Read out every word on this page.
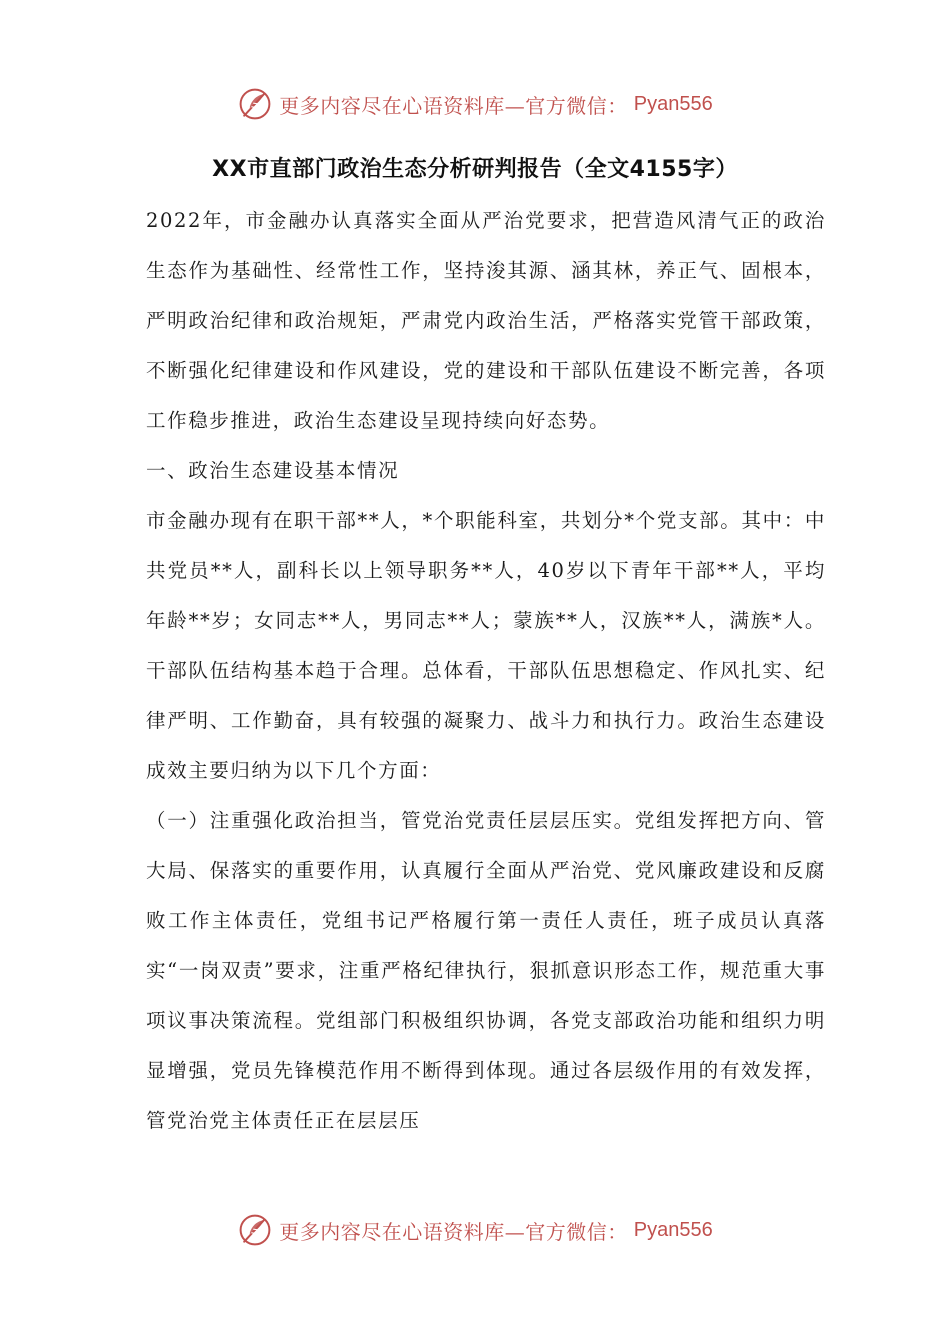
更多内容尽在心语资料库—官方微信： Pyan556
XX市直部门政治生态分析研判报告（全文4155字）

2022年，市金融办认真落实全面从严治党要求，把营造风清气正的政治生态作为基础性、经常性工作，坚持浚其源、涵其林，养正气、固根本，严明政治纪律和政治规矩，严肃党内政治生活，严格落实党管干部政策，不断强化纪律建设和作风建设，党的建设和干部队伍建设不断完善，各项工作稳步推进，政治生态建设呈现持续向好态势。

一、政治生态建设基本情况

市金融办现有在职干部**人，*个职能科室，共划分*个党支部。其中：中共党员**人，副科长以上领导职务**人，40岁以下青年干部**人，平均年龄**岁；女同志**人，男同志**人；蒙族**人，汉族**人，满族*人。干部队伍结构基本趋于合理。总体看，干部队伍思想稳定、作风扎实、纪律严明、工作勤奋，具有较强的凝聚力、战斗力和执行力。政治生态建设成效主要归纳为以下几个方面：

（一）注重强化政治担当，管党治党责任层层压实。党组发挥把方向、管大局、保落实的重要作用，认真履行全面从严治党、党风廉政建设和反腐败工作主体责任，党组书记严格履行第一责任人责任，班子成员认真落实“一岗双责”要求，注重严格纪律执行，狠抓意识形态工作，规范重大事项议事决策流程。党组部门积极组织协调，各党支部政治功能和组织力明显增强，党员先锋模范作用不断得到体现。通过各层级作用的有效发挥，管党治党主体责任正在层层压

更多内容尽在心语资料库—官方微信： Pyan556
